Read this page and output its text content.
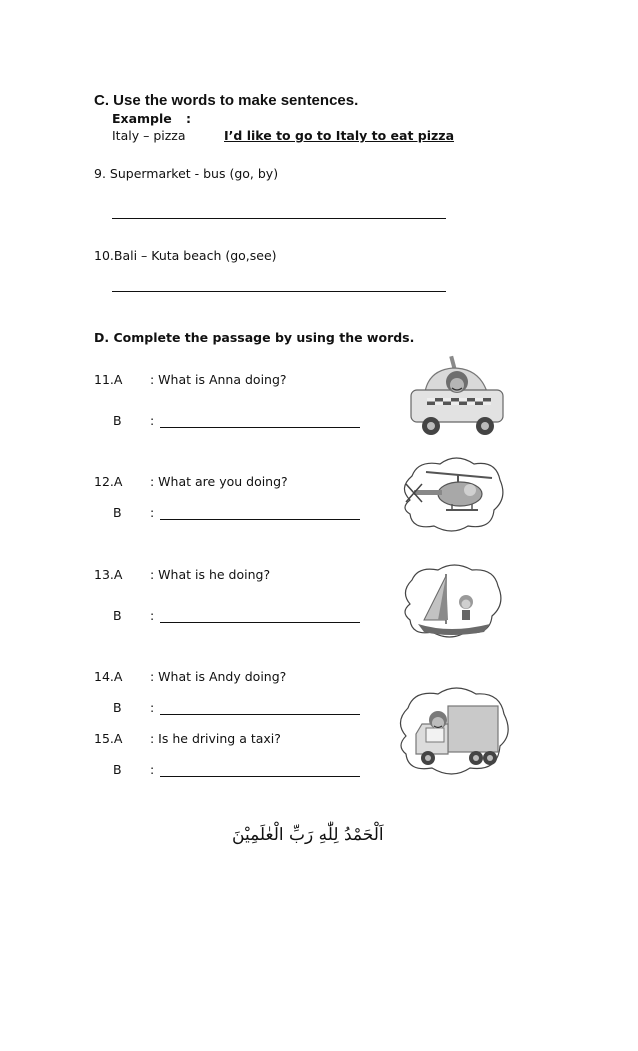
C. Use the words to make sentences.
Example :
Italy – pizza	I’d like to go to Italy to eat pizza
9. Supermarket - bus (go, by)
10.Bali – Kuta beach (go,see)
D. Complete the passage by using the words.
11.A : What is Anna doing?
B :
12.A : What are you doing?
B :
13.A : What is he doing?
B :
14.A : What is Andy doing?
B :
15.A : Is he driving a taxi?
B :
اَلْحَمْدُ لِلّٰهِ رَبِّ الْعٰلَمِيْنَ
